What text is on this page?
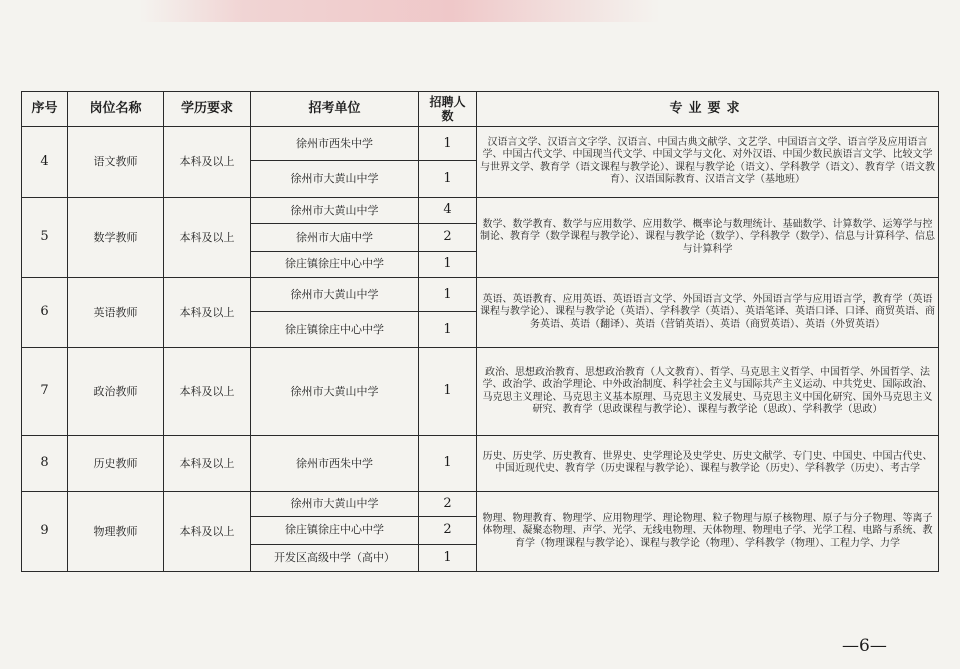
序号	岗位名称	学历要求	招考单位	招聘人数	专业要求
4	语文教师	本科及以上	徐州市西朱中学	1	汉语言文学、汉语言文字学、汉语言、中国古典文献学、文艺学、中国语言文学、语言学及应用语言学、中国古代文学、中国现当代文学、中国文学与文化、对外汉语、中国少数民族语言文学、比较文学与世界文学、教育学（语文课程与教学论）、课程与教学论（语文）、学科教学（语文）、教育学（语文教育）、汉语国际教育、汉语言文学（基地班）
			徐州市大黄山中学	1	
5	数学教师	本科及以上	徐州市大黄山中学	4	数学、数学教育、数学与应用数学、应用数学、概率论与数理统计、基础数学、计算数学、运筹学与控制论、教育学（数学课程与教学论）、课程与教学论（数学）、学科教学（数学）、信息与计算科学、信息与计算科学
			徐州市大庙中学	2	
			徐庄镇徐庄中心中学	1	
6	英语教师	本科及以上	徐州市大黄山中学	1	英语、英语教育、应用英语、英语语言文学、外国语言文学、外国语言学与应用语言学，教育学（英语课程与教学论）、课程与教学论（英语）、学科教学（英语）、英语笔译、英语口译、口译、商贸英语、商务英语、英语（翻译）、英语（营销英语）、英语（商贸英语）、英语（外贸英语）
			徐庄镇徐庄中心中学	1	
7	政治教师	本科及以上	徐州市大黄山中学	1	政治、思想政治教育、思想政治教育（人文教育）、哲学、马克思主义哲学、中国哲学、外国哲学、法学、政治学、政治学理论、中外政治制度、科学社会主义与国际共产主义运动、中共党史、国际政治、马克思主义理论、马克思主义基本原理、马克思主义发展史、马克思主义中国化研究、国外马克思主义研究、教育学（思政课程与教学论）、课程与教学论（思政）、学科教学（思政）
8	历史教师	本科及以上	徐州市西朱中学	1	历史、历史学、历史教育、世界史、史学理论及史学史、历史文献学、专门史、中国史、中国古代史、中国近现代史、教育学（历史课程与教学论）、课程与教学论（历史）、学科教学（历史）、考古学
9	物理教师	本科及以上	徐州市大黄山中学	2	物理、物理教育、物理学、应用物理学、理论物理、粒子物理与原子核物理、原子与分子物理、等离子体物理、凝聚态物理、声学、光学、无线电物理、天体物理、物理电子学、光学工程、电路与系统、教育学（物理课程与教学论）、课程与教学论（物理）、学科教学（物理）、工程力学、力学
			徐庄镇徐庄中心中学	2	
			开发区高级中学（高中）	1	
—6—
